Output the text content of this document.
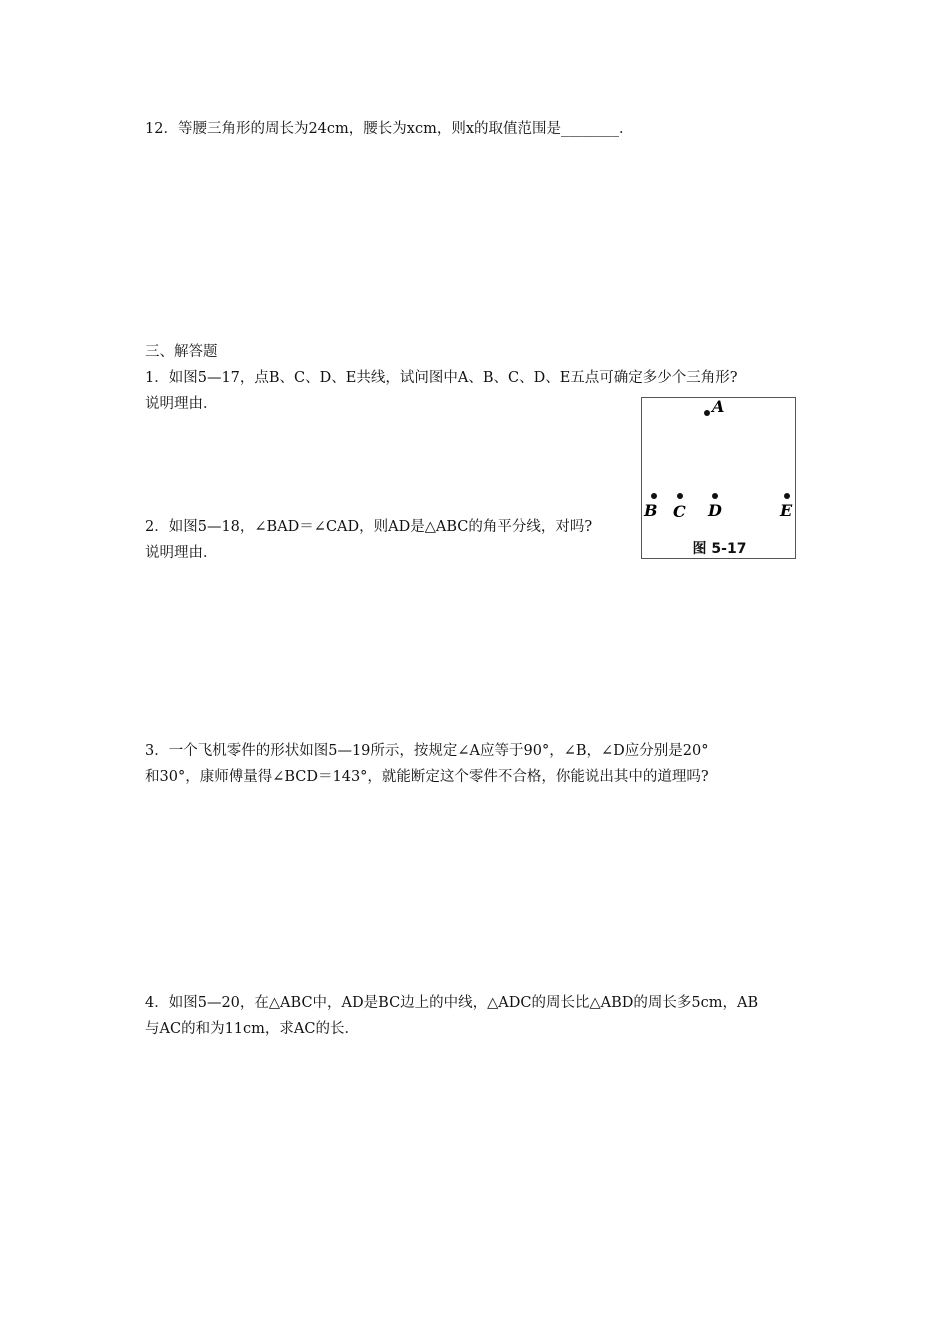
12．等腰三角形的周长为24cm，腰长为xcm，则x的取值范围是________．
三、解答题
1．如图5—17，点B、C、D、E共线，试问图中A、B、C、D、E五点可确定多少个三角形?
说明理由．	A
B C D	E
图 5-17
2．如图5—18，∠BAD＝∠CAD，则AD是△ABC的角平分线，对吗?
说明理由．
3．一个飞机零件的形状如图5—19所示，按规定∠A应等于90°，∠B，∠D应分别是20°
和30°，康师傅量得∠BCD＝143°，就能断定这个零件不合格，你能说出其中的道理吗?
4．如图5—20，在△ABC中，AD是BC边上的中线，△ADC的周长比△ABD的周长多5cm，AB
与AC的和为11cm，求AC的长．
